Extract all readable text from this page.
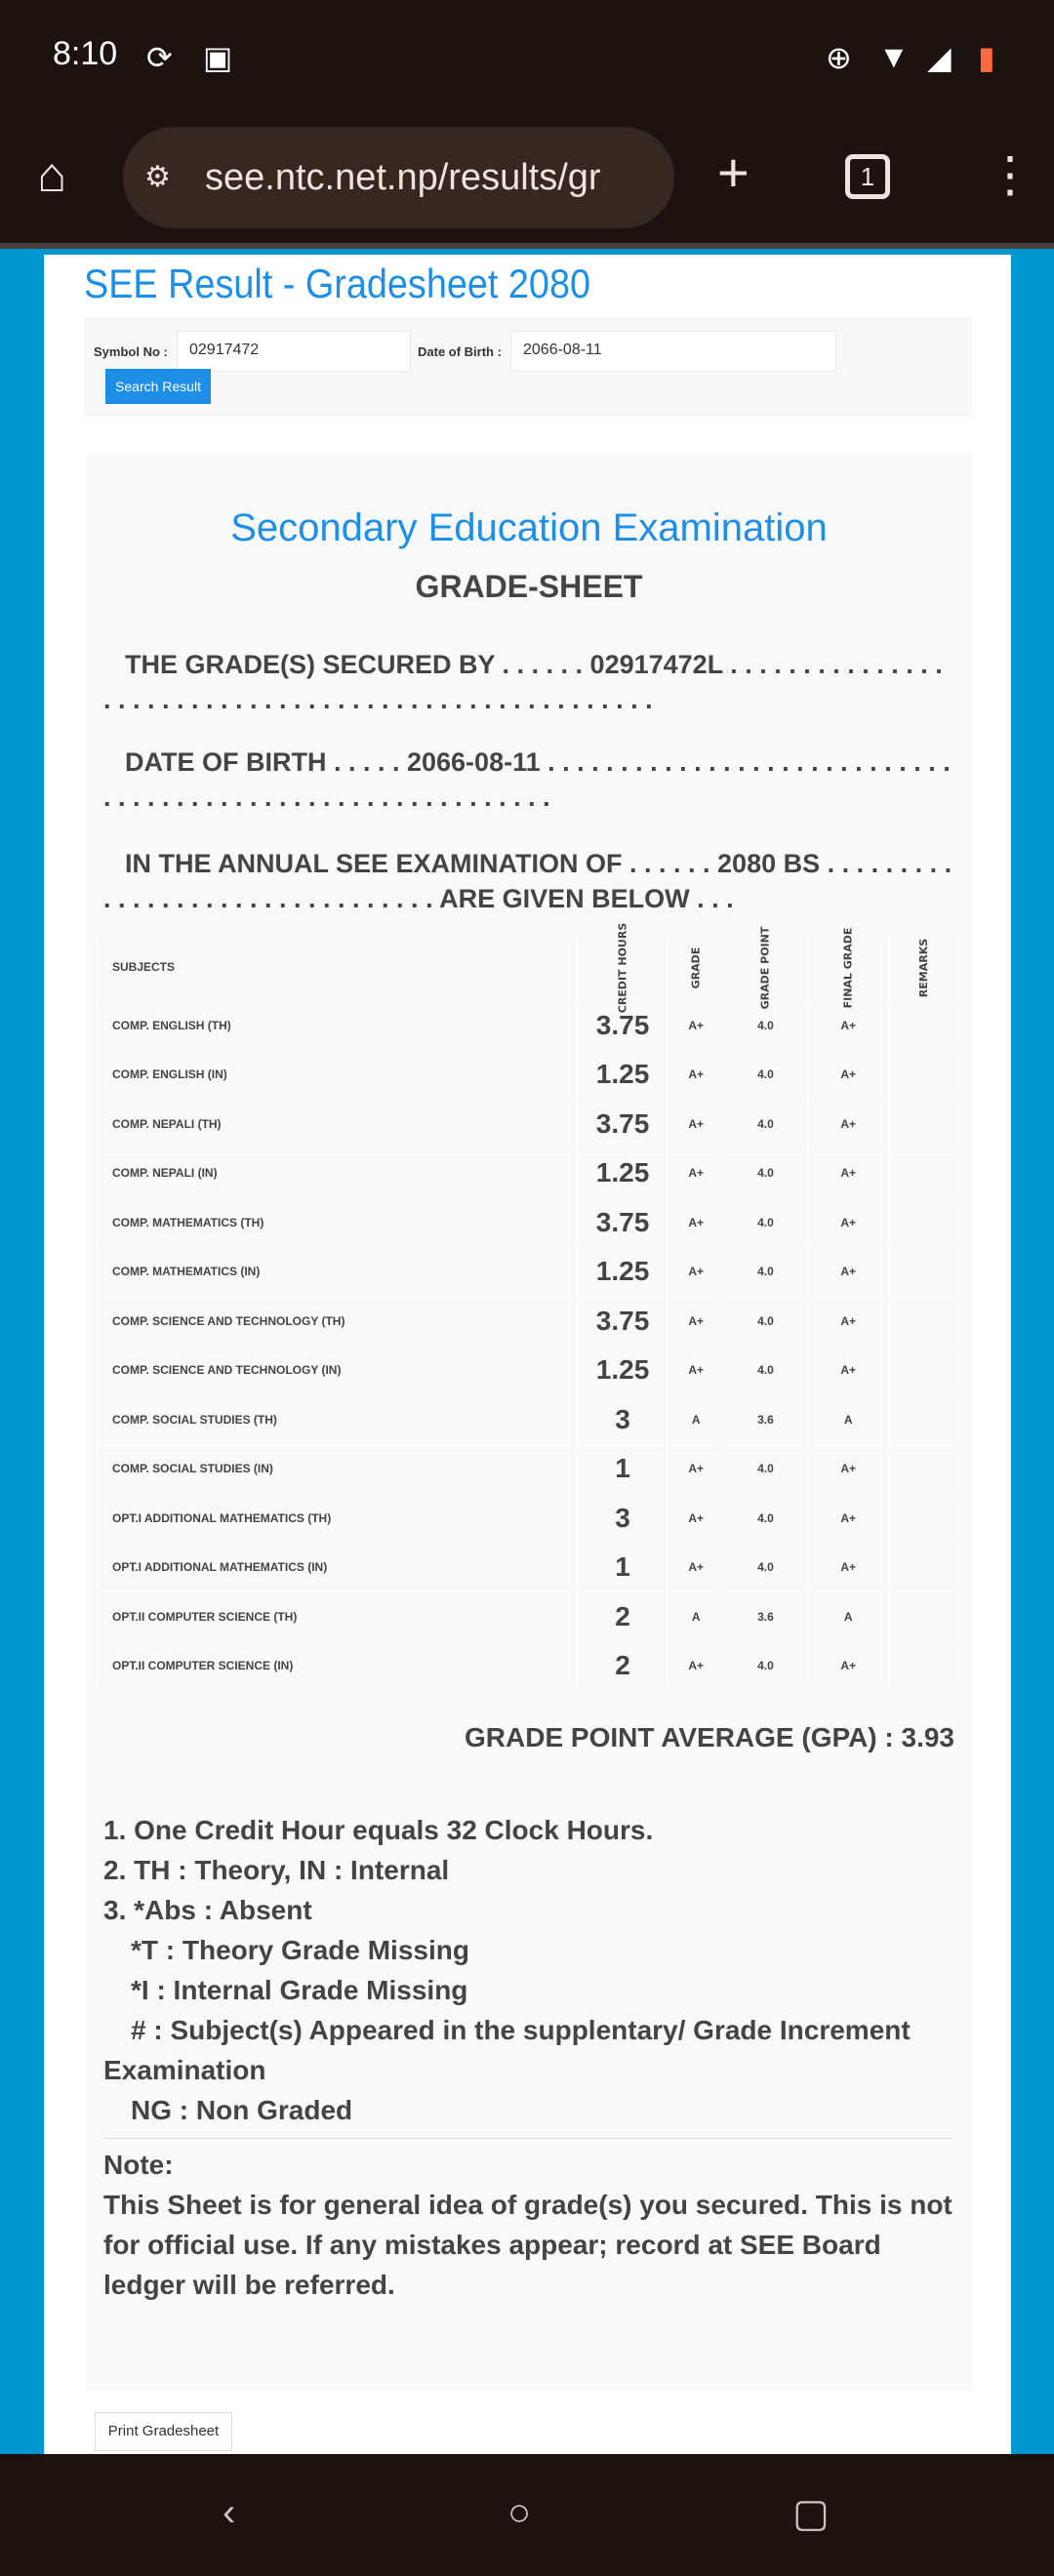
8:10 ⟳ ▣	⊕ ▼ ◢ ▮
⌂	⚙ see.ntc.net.np/results/gr	+	1	⋮
SEE Result - Gradesheet 2080
Symbol No :	02917472	Date of Birth :	2066-08-11
Search Result
Secondary Education Examination
GRADE-SHEET
THE GRADE(S) SECURED BY . . . . . . 02917472L . . . . . . . . . . . . . . . . . . . . . . . . . . . . . . . . . . . . . . . . . . . . . . . . . . . . .
DATE OF BIRTH . . . . . 2066-08-11 . . . . . . . . . . . . . . . . . . . . . . . . . . . . . . . . . . . . . . . . . . . . . . . . . . . . . . . . . . .
IN THE ANNUAL SEE EXAMINATION OF . . . . . . 2080 BS . . . . . . . . . . . . . . . . . . . . . . . . . . . . . . . . ARE GIVEN BELOW . . .
SUBJECTS	CREDIT HOURS	GRADE	GRADE POINT	FINAL GRADE	REMARKS
COMP. ENGLISH (TH)	3.75	A+	4.0	A+	
COMP. ENGLISH (IN)	1.25	A+	4.0	A+	
COMP. NEPALI (TH)	3.75	A+	4.0	A+	
COMP. NEPALI (IN)	1.25	A+	4.0	A+	
COMP. MATHEMATICS (TH)	3.75	A+	4.0	A+	
COMP. MATHEMATICS (IN)	1.25	A+	4.0	A+	
COMP. SCIENCE AND TECHNOLOGY (TH)	3.75	A+	4.0	A+	
COMP. SCIENCE AND TECHNOLOGY (IN)	1.25	A+	4.0	A+	
COMP. SOCIAL STUDIES (TH)	3	A	3.6	A	
COMP. SOCIAL STUDIES (IN)	1	A+	4.0	A+	
OPT.I ADDITIONAL MATHEMATICS (TH)	3	A+	4.0	A+	
OPT.I ADDITIONAL MATHEMATICS (IN)	1	A+	4.0	A+	
OPT.II COMPUTER SCIENCE (TH)	2	A	3.6	A	
OPT.II COMPUTER SCIENCE (IN)	2	A+	4.0	A+	
GRADE POINT AVERAGE (GPA) : 3.93
1. One Credit Hour equals 32 Clock Hours.
2. TH : Theory, IN : Internal
3. *Abs : Absent
*T : Theory Grade Missing
*I : Internal Grade Missing
# : Subject(s) Appeared in the supplentary/ Grade Increment Examination
NG : Non Graded
Note:
This Sheet is for general idea of grade(s) you secured. This is not for official use. If any mistakes appear; record at SEE Board ledger will be referred.
Print Gradesheet
‹	○	▢
